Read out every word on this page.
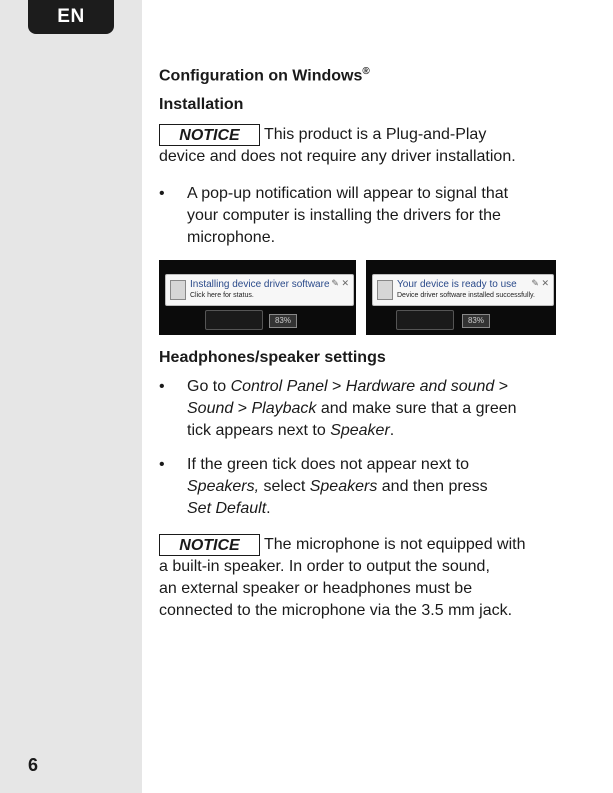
EN
6
Configuration on Windows®
Installation
NOTICE This product is a Plug-and-Play
device and does not require any driver installation.
• A pop-up notification will appear to signal that
your computer is installing the drivers for the
microphone.
Installing device driver software
Click here for status.
✎ ✕
83%
Your device is ready to use
Device driver software installed successfully.
✎ ✕
83%
Headphones/speaker settings
• Go to Control Panel > Hardware and sound >
Sound > Playback and make sure that a green
tick appears next to Speaker.
• If the green tick does not appear next to
Speakers, select Speakers and then press
Set Default.
NOTICE The microphone is not equipped with
a built-in speaker. In order to output the sound,
an external speaker or headphones must be
connected to the microphone via the 3.5 mm jack.
